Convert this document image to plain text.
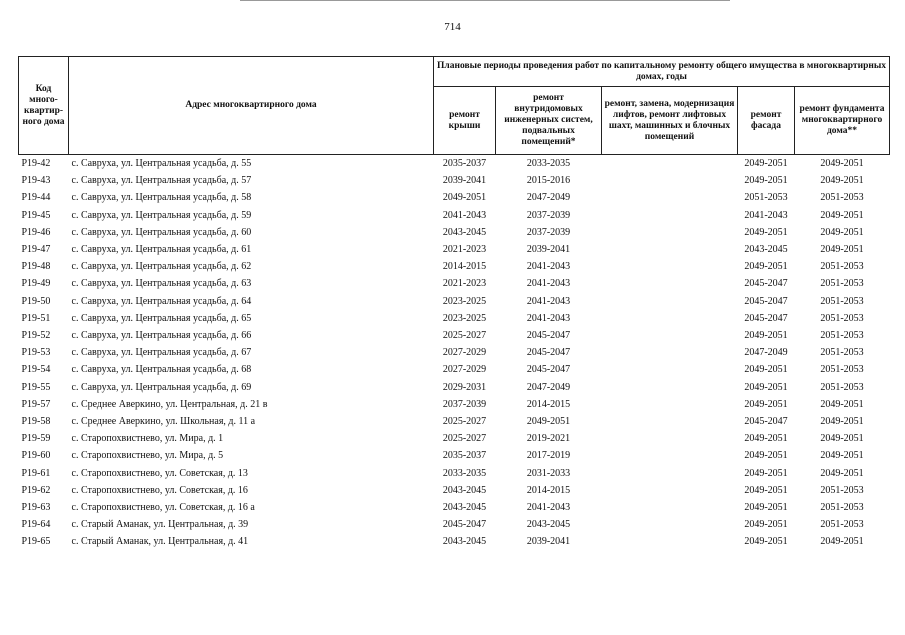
714
Код много-квартир-ного дома	Адрес многоквартирного дома	Плановые периоды проведения работ по капитальному ремонту общего имущества в многоквартирных домах, годы				
		ремонт крыши	ремонт внутридомовых инженерных систем, подвальных помещений*	ремонт, замена, модернизация лифтов, ремонт лифтовых шахт, машинных и блочных помещений	ремонт фасада	ремонт фундамента многоквартирного дома**
Р19-42	с. Савруха, ул. Центральная усадьба, д. 55	2035-2037	2033-2035		2049-2051	2049-2051
Р19-43	с. Савруха, ул. Центральная усадьба, д. 57	2039-2041	2015-2016		2049-2051	2049-2051
Р19-44	с. Савруха, ул. Центральная усадьба, д. 58	2049-2051	2047-2049		2051-2053	2051-2053
Р19-45	с. Савруха, ул. Центральная усадьба, д. 59	2041-2043	2037-2039		2041-2043	2049-2051
Р19-46	с. Савруха, ул. Центральная усадьба, д. 60	2043-2045	2037-2039		2049-2051	2049-2051
Р19-47	с. Савруха, ул. Центральная усадьба, д. 61	2021-2023	2039-2041		2043-2045	2049-2051
Р19-48	с. Савруха, ул. Центральная усадьба, д. 62	2014-2015	2041-2043		2049-2051	2051-2053
Р19-49	с. Савруха, ул. Центральная усадьба, д. 63	2021-2023	2041-2043		2045-2047	2051-2053
Р19-50	с. Савруха, ул. Центральная усадьба, д. 64	2023-2025	2041-2043		2045-2047	2051-2053
Р19-51	с. Савруха, ул. Центральная усадьба, д. 65	2023-2025	2041-2043		2045-2047	2051-2053
Р19-52	с. Савруха, ул. Центральная усадьба, д. 66	2025-2027	2045-2047		2049-2051	2051-2053
Р19-53	с. Савруха, ул. Центральная усадьба, д. 67	2027-2029	2045-2047		2047-2049	2051-2053
Р19-54	с. Савруха, ул. Центральная усадьба, д. 68	2027-2029	2045-2047		2049-2051	2051-2053
Р19-55	с. Савруха, ул. Центральная усадьба, д. 69	2029-2031	2047-2049		2049-2051	2051-2053
Р19-57	с. Среднее Аверкино, ул. Центральная, д. 21 в	2037-2039	2014-2015		2049-2051	2049-2051
Р19-58	с. Среднее Аверкино, ул. Школьная, д. 11 а	2025-2027	2049-2051		2045-2047	2049-2051
Р19-59	с. Старопохвистнево, ул. Мира, д. 1	2025-2027	2019-2021		2049-2051	2049-2051
Р19-60	с. Старопохвистнево, ул. Мира, д. 5	2035-2037	2017-2019		2049-2051	2049-2051
Р19-61	с. Старопохвистнево, ул. Советская, д. 13	2033-2035	2031-2033		2049-2051	2049-2051
Р19-62	с. Старопохвистнево, ул. Советская, д. 16	2043-2045	2014-2015		2049-2051	2051-2053
Р19-63	с. Старопохвистнево, ул. Советская, д. 16 а	2043-2045	2041-2043		2049-2051	2051-2053
Р19-64	с. Старый Аманак, ул. Центральная, д. 39	2045-2047	2043-2045		2049-2051	2051-2053
Р19-65	с. Старый Аманак, ул. Центральная, д. 41	2043-2045	2039-2041		2049-2051	2049-2051
